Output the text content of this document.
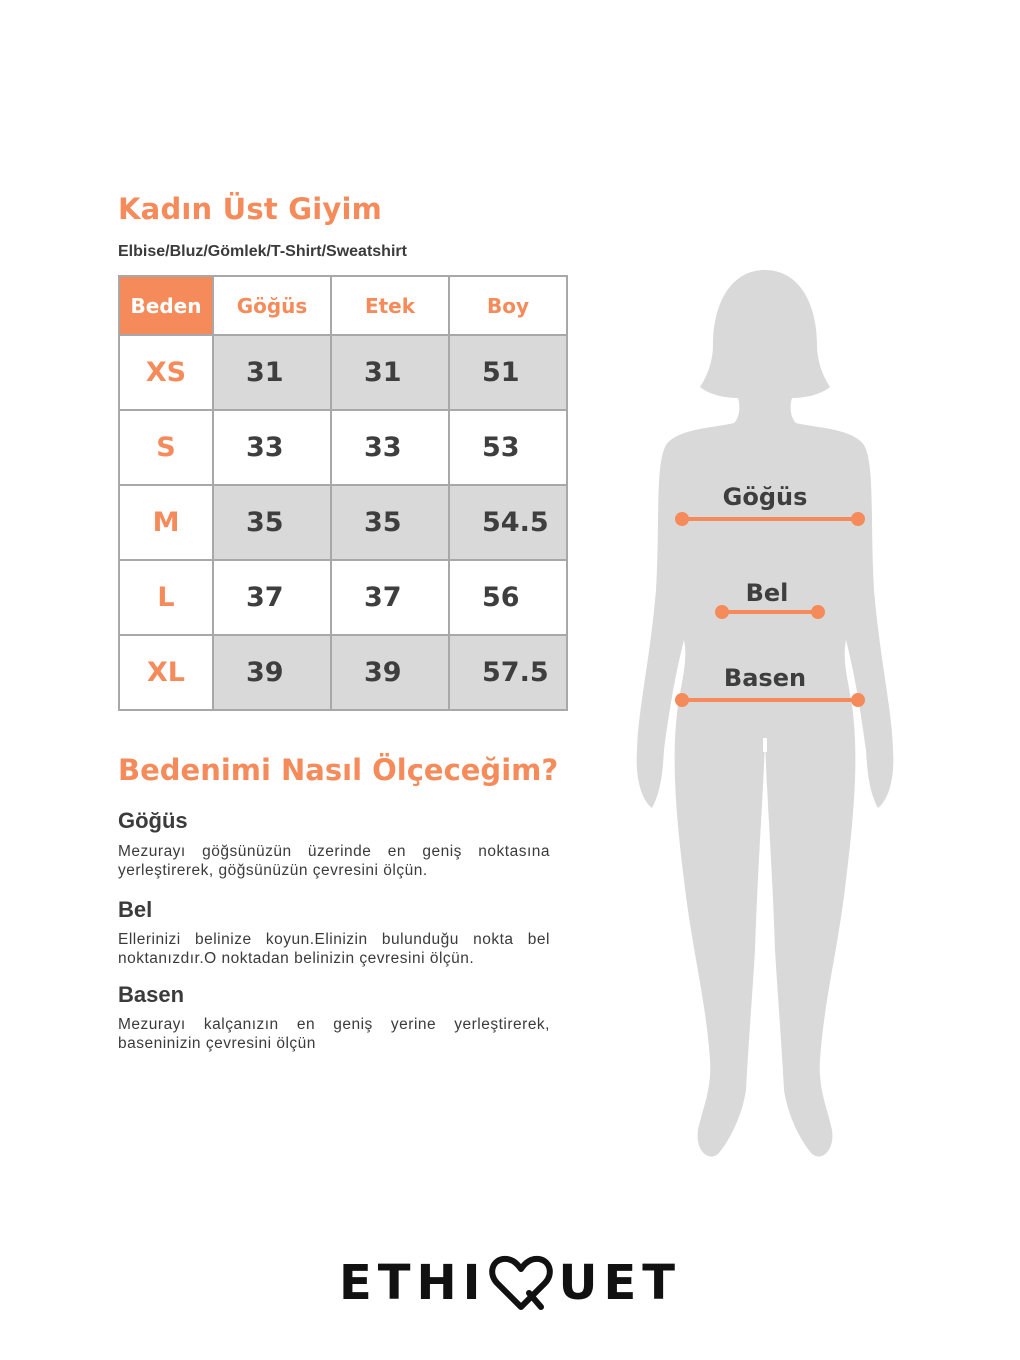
Kadın Üst Giyim
Elbise/Bluz/Gömlek/T-Shirt/Sweatshirt
Beden	Göğüs	Etek	Boy
XS	31	31	51
S	33	33	53
M	35	35	54.5
L	37	37	56
XL	39	39	57.5
Bedenimi Nasıl Ölçeceğim?
Göğüs

Mezurayı göğsünüzün üzerinde en geniş noktasına yerleştirerek, göğsünüzün çevresini ölçün.

Bel

Ellerinizi belinize koyun.Elinizin bulunduğu nokta bel noktanızdır.O noktadan belinizin çevresini ölçün.

Basen

Mezurayı kalçanızın en geniş yerine yerleştirerek, baseninizin çevresini ölçün

Göğüs
Bel
Basen
ETHI UET
